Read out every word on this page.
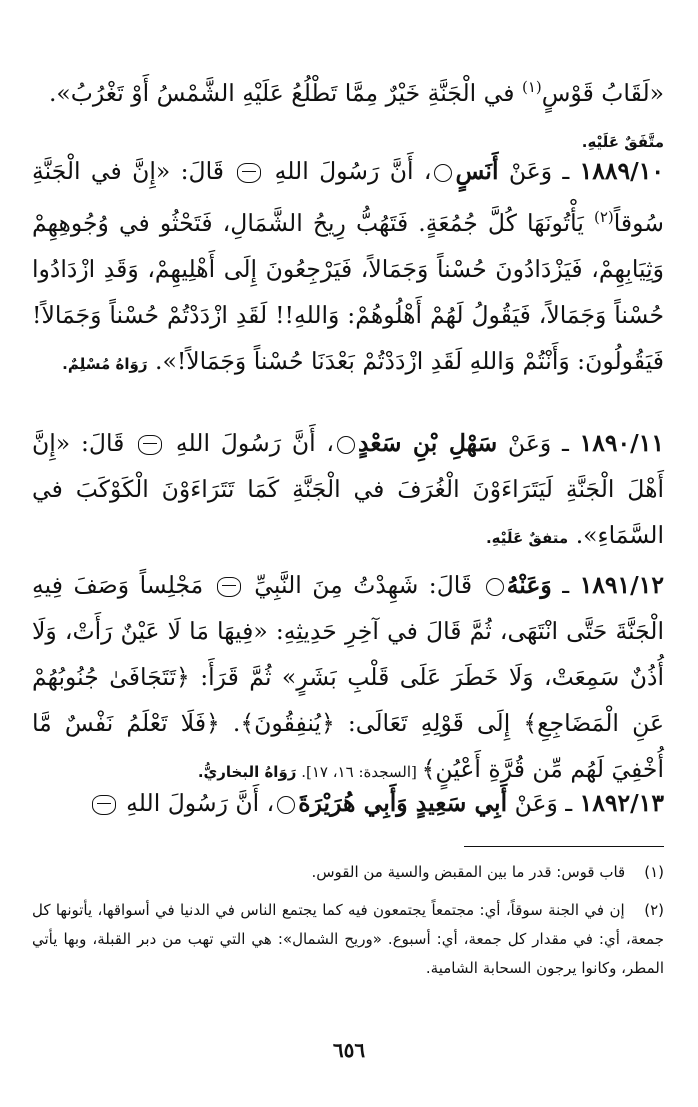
«لَقَابُ قَوْسٍ$^{(١)}$ في الْجَنَّةِ خَيْرٌ مِمَّا تَطْلُعُ عَلَيْهِ الشَّمْسُ أَوْ تَغْرُبُ».
متَّفَقٌ عَلَيْهِ.
١٨٨٩/١٠ ـ وَعَنْ أَنَسٍ، أَنَّ رَسُولَ اللهِ  قَالَ: «إِنَّ في الْجَنَّةِ سُوقاً$^{(٢)}$ يَأْتُونَهَا كُلَّ جُمُعَةٍ. فَتَهُبُّ رِيحُ الشَّمَالِ، فَتَحْثُو في وُجُوهِهِمْ وَثِيَابِهِمْ، فَيَزْدَادُونَ حُسْناً وَجَمَالاً، فَيَرْجِعُونَ إِلَى أَهْلِيهِمْ، وَقَدِ ازْدَادُوا حُسْناً وَجَمَالاً، فَيَقُولُ لَهُمْ أَهْلُوهُمْ: وَاللهِ!! لَقَدِ ازْدَدْتُمْ حُسْناً وَجَمَالاً! فَيَقُولُونَ: وَأَنْتُمْ وَاللهِ لَقَدِ ازْدَدْتُمْ بَعْدَنَا حُسْناً وَجَمَالاً!». رَوَاهُ مُسْلِمٌ.
١٨٩٠/١١ ـ وَعَنْ سَهْلِ بْنِ سَعْدٍ، أَنَّ رَسُولَ اللهِ  قَالَ: «إِنَّ أَهْلَ الْجَنَّةِ لَيَتَرَاءَوْنَ الْغُرَفَ في الْجَنَّةِ كَمَا تَتَرَاءَوْنَ الْكَوْكَبَ في السَّمَاءِ». متفقٌ عَلَيْهِ.
١٨٩١/١٢ ـ وَعَنْهُ قَالَ: شَهِدْتُ مِنَ النَّبِيِّ  مَجْلِساً وَصَفَ فِيهِ الْجَنَّةَ حَتَّى انْتَهَى، ثُمَّ قَالَ في آخِرِ حَدِيثِهِ: «فِيهَا مَا لَا عَيْنٌ رَأَتْ، وَلَا أُذُنٌ سَمِعَتْ، وَلَا خَطَرَ عَلَى قَلْبِ بَشَرٍ» ثُمَّ قَرَأَ: ﴿تَتَجَافَىٰ جُنُوبُهُمْ عَنِ الْمَضَاجِعِ﴾ إِلَى قَوْلِهِ تَعَالَى: ﴿يُنفِقُونَ﴾. ﴿فَلَا تَعْلَمُ نَفْسٌ مَّا أُخْفِيَ لَهُم مِّن قُرَّةِ أَعْيُنٍ﴾ [السجدة: ١٦، ١٧]. رَوَاهُ البخاريُّ.
١٨٩٢/١٣ ـ وَعَنْ أَبِي سَعِيدٍ وَأَبِي هُرَيْرَةَ، أَنَّ رَسُولَ اللهِ
(١) قاب قوس: قدر ما بين المقبض والسية من القوس.
(٢) إن في الجنة سوقاً، أي: مجتمعاً يجتمعون فيه كما يجتمع الناس في الدنيا في أسواقها، يأتونها كل جمعة، أي: في مقدار كل جمعة، أي: أسبوع. «وريح الشمال»: هي التي تهب من دبر القبلة، وبها يأتي المطر، وكانوا يرجون السحابة الشامية.
٦٥٦
